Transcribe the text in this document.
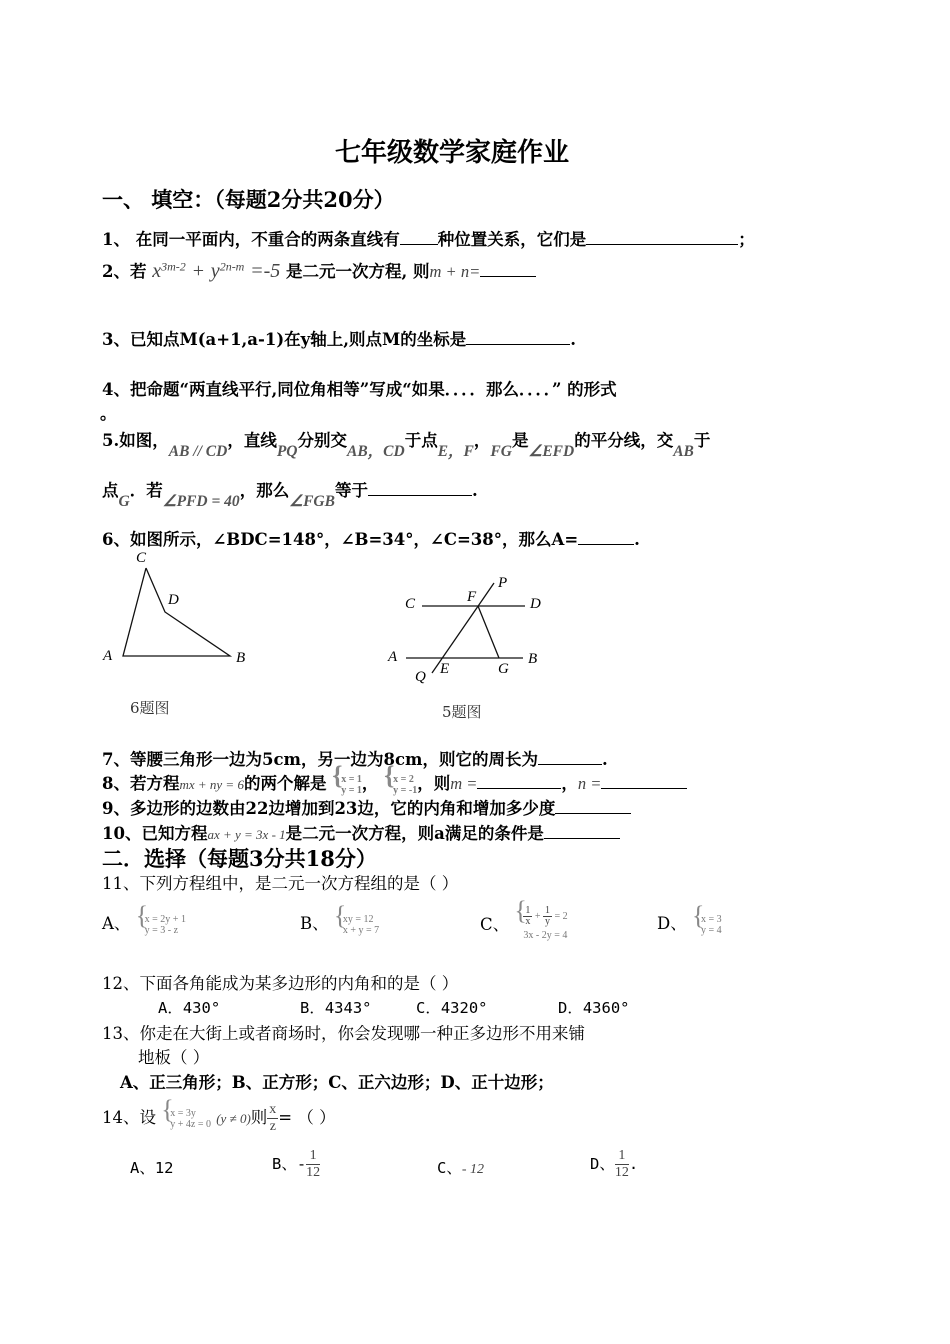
七年级数学家庭作业
一、 填空：（每题2分共20分）
1、 在同一平面内，不重合的两条直线有 种位置关系，它们是	；
2、若 $x^{3m-2} + y^{2n-m} =-5$ 是二元一次方程, 则m + n=
3、已知点M(a+1,a-1)在y轴上,则点M的坐标是	.
4、把命题“两直线平行,同位角相等”写成“如果．．．．那么．．．．” 的形式
。
5.如图，AB // CD，直线PQ分别交AB，CD于点E，F，FG是∠EFD的平分线，交AB于
点G．若∠PFD = 40，那么∠FGB等于	.
6、如图所示，∠BDC=148°，∠B=34°，∠C=38°，那么A=	.
C
D
A	B
6题图
P
C	F	D
A
E	G
B
Q
5题图
7、等腰三角形一边为5cm，另一边为8cm，则它的周长为	.
8、若方程mx + ny = 6的两个解是 { x = 1
y = 1， { x = 2
y = -1，则m =	，n =
9、多边形的边数由22边增加到23边，它的内角和增加多少度
10、已知方程ax + y = 3x - 1是二元一次方程，则a满足的条件是
二．选择（每题3分共18分）
11、下列方程组中，是二元一次方程组的是（ ）
A、 { x = 2y + 1
y = 3 - z	B、 { xy = 12
x + y = 7	C、 { $\frac{1}{x} + \frac{1}{y} = 2$
3x - 2y = 4
D、 { x = 3
y = 4
12、下面各角能成为某多边形的内角和的是（ ）
A．430°	B．4343°	C．4320°	D．4360°
13、你走在大街上或者商场时，你会发现哪一种正多边形不用来铺
地板（ ）
A、正三角形；B、正方形；C、正六边形；D、正十边形；
14、设 { x = 3y
y + 4z = 0 (y ≠ 0)则 $\frac{x}{z}$ = （ ）
A、12	B、- $\frac{1}{12}$	C、- 12	D、 $\frac{1}{12}$ .
